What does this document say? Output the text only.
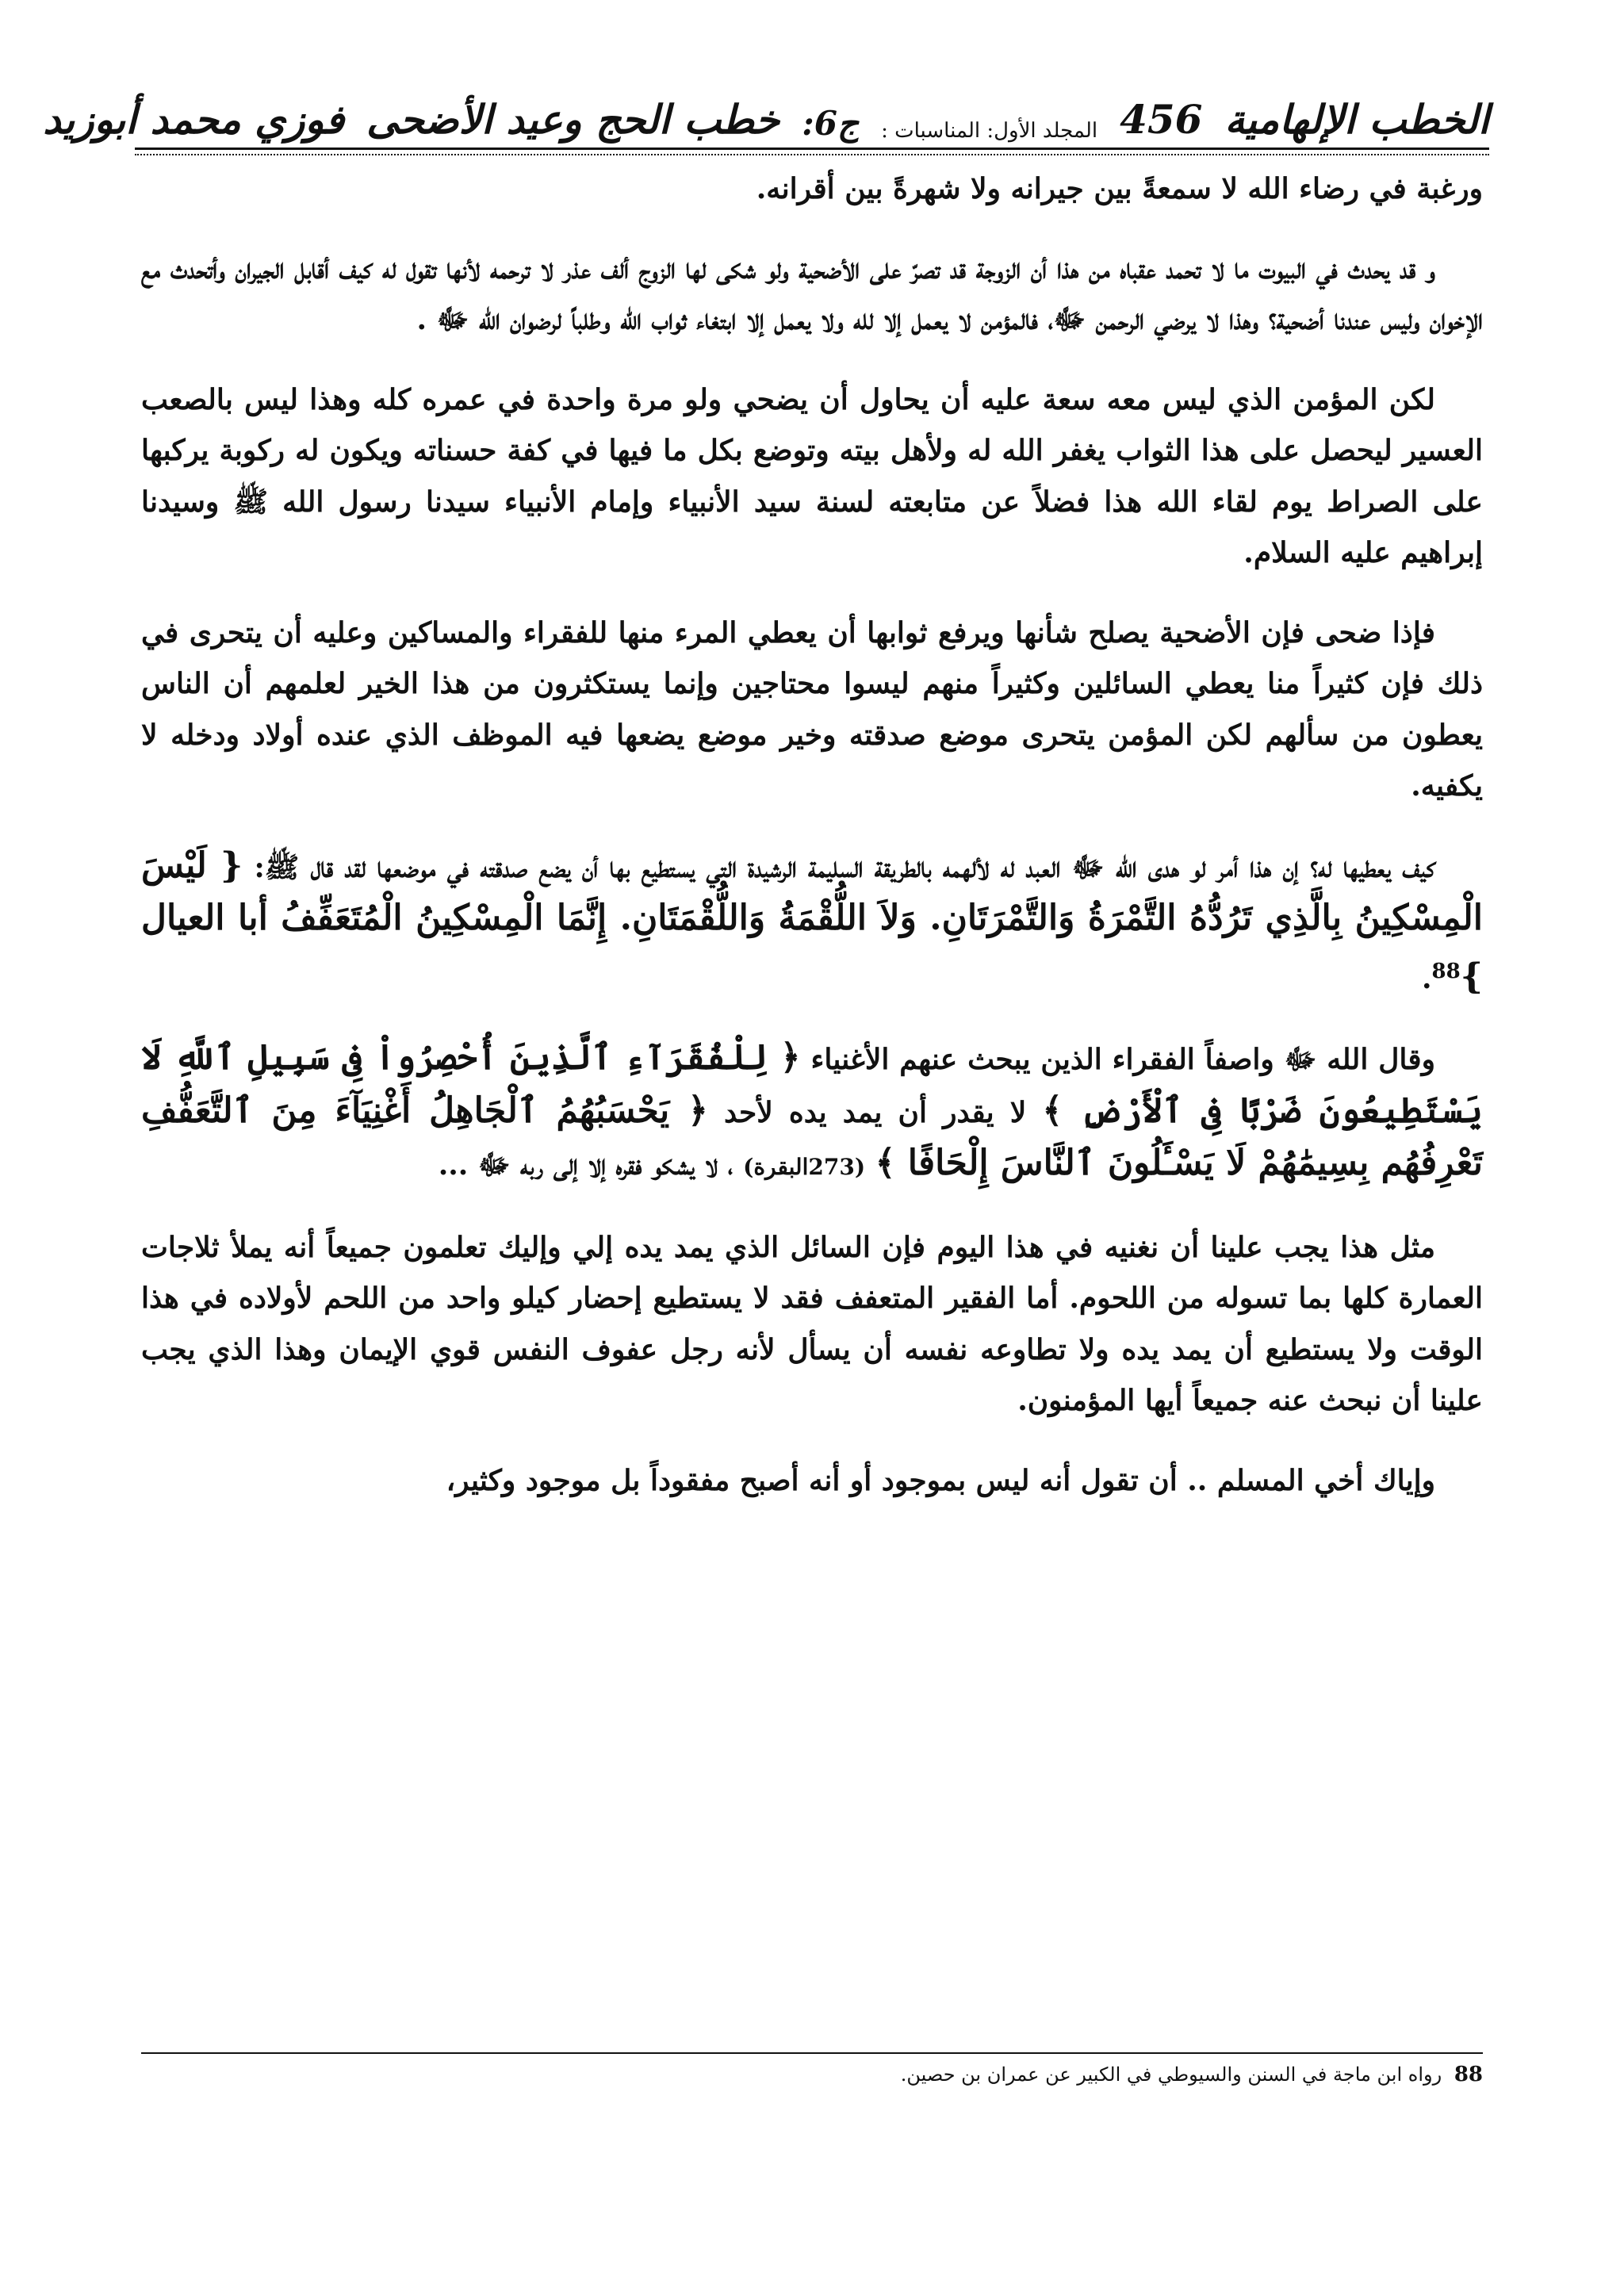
الخطب الإلهامية
456
المجلد الأول: المناسبات :
ج6:
خطب الحج وعيد الأضحى
فوزي محمد أبوزيد

ورغبة في رضاء الله لا سمعةً بين جيرانه ولا شهرةً بين أقرانه.

و قد يحدث في البيوت ما لا تحمد عقباه من هذا أن الزوجة قد تصرّ على الأضحية ولو شكى لها الزوج ألف عذر لا ترحمه لأنها تقول له كيف أقابل الجيران وأتحدث مع الإخوان وليس عندنا أضحية؟ وهذا لا يرضي الرحمن ﷻ، فالمؤمن لا يعمل إلا لله ولا يعمل إلا ابتغاء ثواب الله وطلباً لرضوان الله ﷻ .

لكن المؤمن الذي ليس معه سعة عليه أن يحاول أن يضحي ولو مرة واحدة في عمره كله وهذا ليس بالصعب العسير ليحصل على هذا الثواب يغفر الله له ولأهل بيته وتوضع بكل ما فيها في كفة حسناته ويكون له ركوبة يركبها على الصراط يوم لقاء الله هذا فضلاً عن متابعته لسنة سيد الأنبياء وإمام الأنبياء سيدنا رسول الله ﷺ وسيدنا إبراهيم عليه السلام.

فإذا ضحى فإن الأضحية يصلح شأنها ويرفع ثوابها أن يعطي المرء منها للفقراء والمساكين وعليه أن يتحرى في ذلك فإن كثيراً منا يعطي السائلين وكثيراً منهم ليسوا محتاجين وإنما يستكثرون من هذا الخير لعلمهم أن الناس يعطون من سألهم لكن المؤمن يتحرى موضع صدقته وخير موضع يضعها فيه الموظف الذي عنده أولاد ودخله لا يكفيه.

كيف يعطيها له؟ إن هذا أمر لو هدى الله ﷻ العبد له لألهمه بالطريقة السليمة الرشيدة التي يستطيع بها أن يضع صدقته في موضعها لقد قال ﷺ: { لَيْسَ الْمِسْكِينُ بِالَّذِي تَرُدُّهُ التَّمْرَةُ وَالتَّمْرَتَانِ. وَلاَ اللُّقْمَةُ وَاللُّقْمَتَانِ. إِنَّمَا الْمِسْكِينُ الْمُتَعَفِّفُ أبا العيال }$^{88}$.

وقال الله ﷻ واصفاً الفقراء الذين يبحث عنهم الأغنياء ﴿ لِلْفُقَرَآءِ ٱلَّذِينَ أُحْصِرُواْ فِى سَبِيلِ ٱللَّهِ لَا يَسْتَطِيعُونَ ضَرْبًا فِى ٱلْأَرْضِ ﴾ لا يقدر أن يمد يده لأحد ﴿ يَحْسَبُهُمُ ٱلْجَاهِلُ أَغْنِيَآءَ مِنَ ٱلتَّعَفُّفِ تَعْرِفُهُم بِسِيمَٰهُمْ لَا يَسْـَٔلُونَ ٱلنَّاسَ إِلْحَافًا ﴾ (273البقرة) ، لا يشكو فقره إلا إلى ربه ﷻ ...

مثل هذا يجب علينا أن نغنيه في هذا اليوم فإن السائل الذي يمد يده إلي وإليك تعلمون جميعاً أنه يملأ ثلاجات العمارة كلها بما تسوله من اللحوم. أما الفقير المتعفف فقد لا يستطيع إحضار كيلو واحد من اللحم لأولاده في هذا الوقت ولا يستطيع أن يمد يده ولا تطاوعه نفسه أن يسأل لأنه رجل عفوف النفس قوي الإيمان وهذا الذي يجب علينا أن نبحث عنه جميعاً أيها المؤمنون.

وإياك أخي المسلم .. أن تقول أنه ليس بموجود أو أنه أصبح مفقوداً بل موجود وكثير،

88 رواه ابن ماجة في السنن والسيوطي في الكبير عن عمران بن حصين.
